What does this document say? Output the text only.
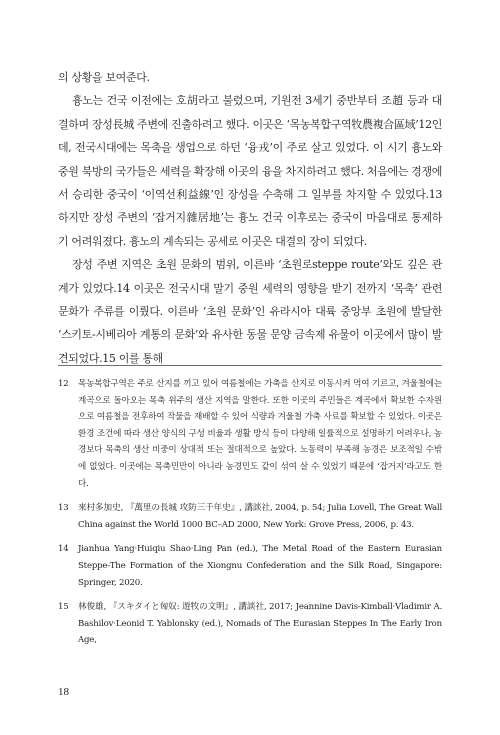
의 상황을 보여준다.

흉노는 건국 이전에는 호胡라고 불렸으며, 기원전 3세기 중반부터 조趙 등과 대결하며 장성長城 주변에 진출하려고 했다. 이곳은 ‘목농복합구역牧農複合區域’12인데, 전국시대에는 목축을 생업으로 하던 ‘융戎’이 주로 살고 있었다. 이 시기 흉노와 중원 북방의 국가들은 세력을 확장해 이곳의 융을 차지하려고 했다. 처음에는 경쟁에서 승리한 중국이 ‘이역선利益線’인 장성을 수축해 그 일부를 차지할 수 있었다.13 하지만 장성 주변의 ‘잡거지雜居地’는 흉노 건국 이후로는 중국이 마음대로 통제하기 어려워졌다. 흉노의 계속되는 공세로 이곳은 대결의 장이 되었다.

장성 주변 지역은 초원 문화의 범위, 이른바 ‘초원로steppe route’와도 깊은 관계가 있었다.14 이곳은 전국시대 말기 중원 세력의 영향을 받기 전까지 ‘목축’ 관련 문화가 주류를 이뤘다. 이른바 ‘초원 문화’인 유라시아 대륙 중앙부 초원에 발달한 ‘스키토-시베리아 계통의 문화’와 유사한 동물 문양 금속제 유물이 이곳에서 많이 발견되었다.15 이를 통해

12	목농복합구역은 주로 산지를 끼고 있어 여름철에는 가축을 산지로 이동시켜 먹여 기르고, 겨울철에는 계곡으로 돌아오는 목축 위주의 생산 지역을 말한다. 또한 이곳의 주민들은 계곡에서 확보한 수자원으로 여름철을 전후하여 작물을 재배할 수 있어 식량과 겨울철 가축 사료를 확보할 수 있었다. 이곳은 환경 조건에 따라 생산 양식의 구성 비율과 생활 방식 등이 다양해 일률적으로 설명하기 어려우나, 농경보다 목축의 생산 비중이 상대적 또는 절대적으로 높았다. 노동력이 부족해 농경은 보조적일 수밖에 없었다. 이곳에는 목축민만이 아니라 농경민도 같이 섞여 살 수 있었기 때문에 ‘잡거지’라고도 한다.
13	來村多加史, 『萬里の長城 攻防三千年史』, 講談社, 2004, p. 54; Julia Lovell, The Great Wall China against the World 1000 BC–AD 2000, New York: Grove Press, 2006, p. 43.
14	Jianhua Yang·Huiqiu Shao·Ling Pan (ed.), The Metal Road of the Eastern Eurasian Steppe-The Formation of the Xiongnu Confederation and the Silk Road, Singapore: Springer, 2020.
15	林俊雄, 『スキタイと匈奴: 遊牧の文明』, 講談社, 2017; Jeannine Davis-Kimball·Vladimir A. Bashilov·Leonid T. Yablonsky (ed.), Nomads of The Eurasian Steppes In The Early Iron Age,
18
